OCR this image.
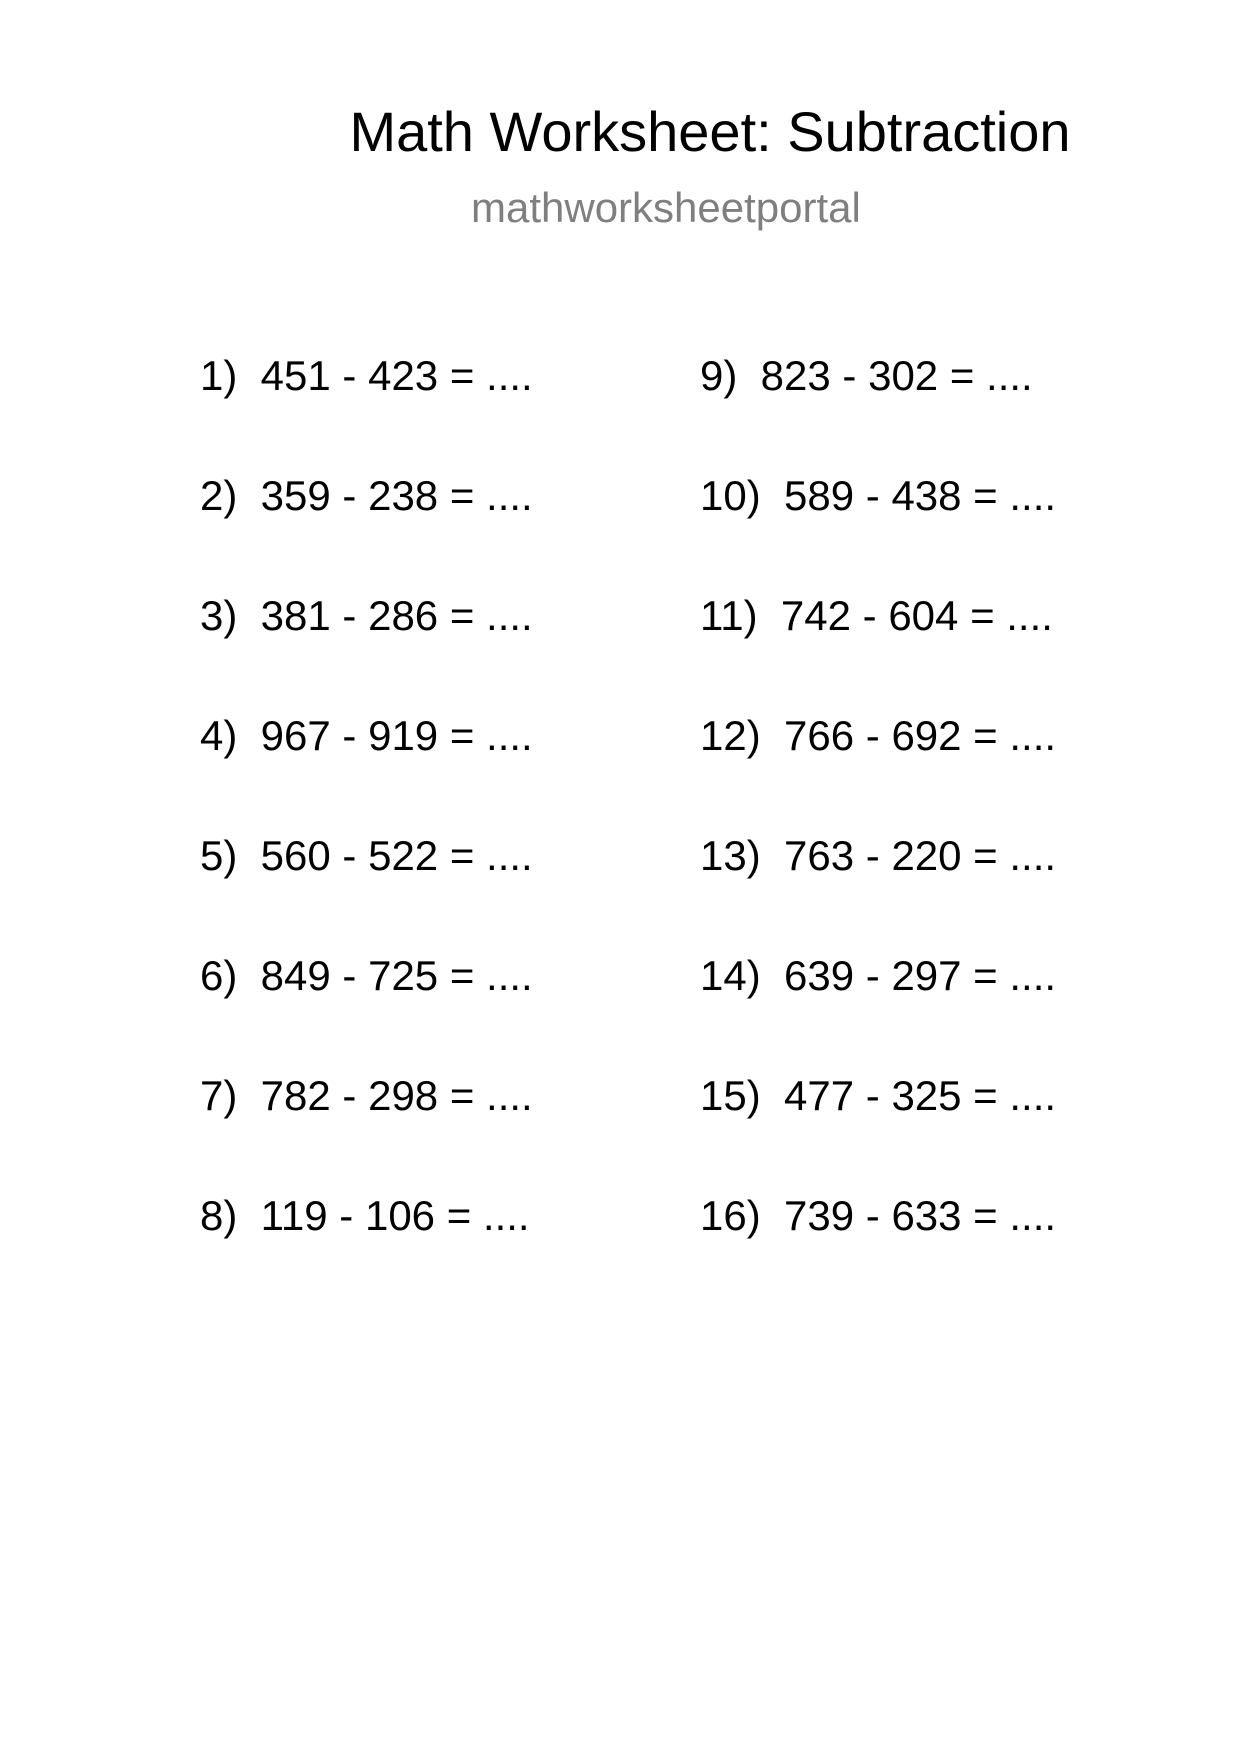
Math Worksheet: Subtraction
mathworksheetportal
1)  451 - 423 = ....
2)  359 - 238 = ....
3)  381 - 286 = ....
4)  967 - 919 = ....
5)  560 - 522 = ....
6)  849 - 725 = ....
7)  782 - 298 = ....
8)  119 - 106 = ....
9)  823 - 302 = ....
10)  589 - 438 = ....
11)  742 - 604 = ....
12)  766 - 692 = ....
13)  763 - 220 = ....
14)  639 - 297 = ....
15)  477 - 325 = ....
16)  739 - 633 = ....
